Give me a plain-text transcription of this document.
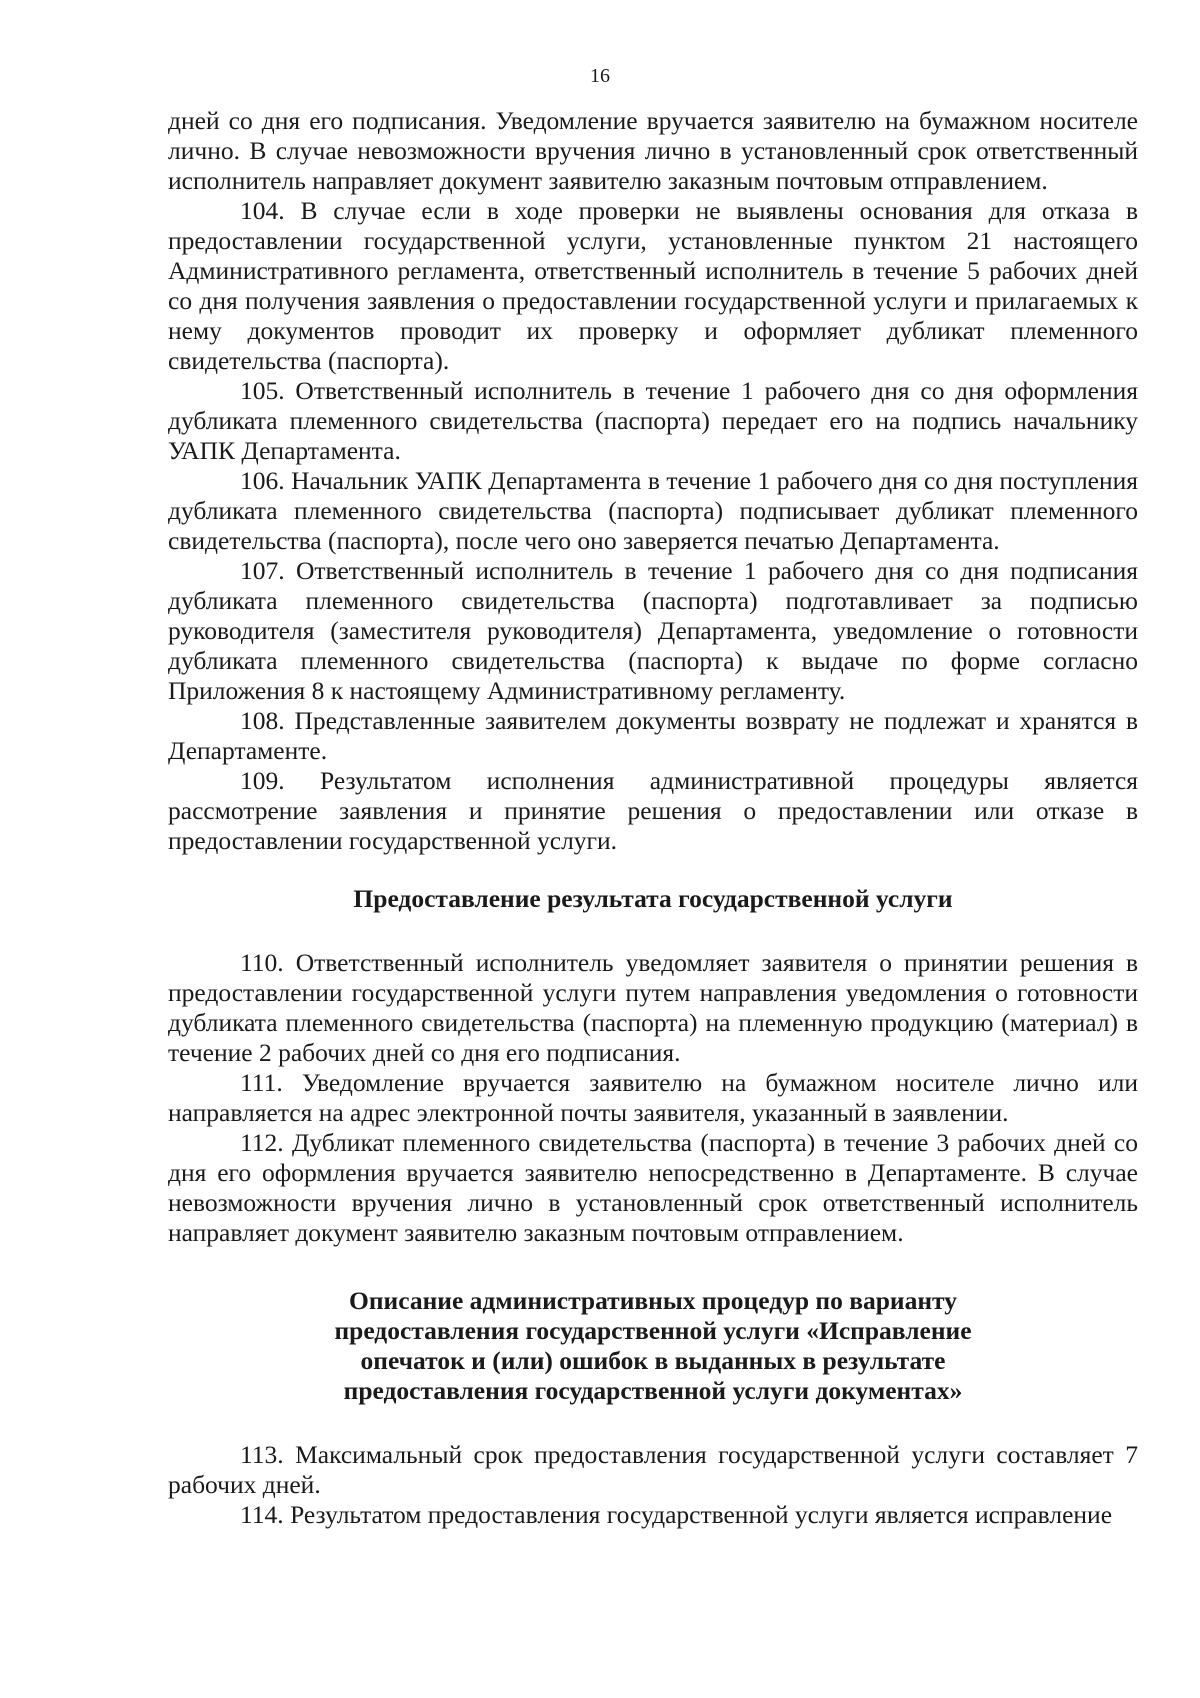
16

дней со дня его подписания. Уведомление вручается заявителю на бумажном носителе лично. В случае невозможности вручения лично в установленный срок ответственный исполнитель направляет документ заявителю заказным почтовым отправлением.

104. В случае если в ходе проверки не выявлены основания для отказа в предоставлении государственной услуги, установленные пунктом 21 настоящего Административного регламента, ответственный исполнитель в течение 5 рабочих дней со дня получения заявления о предоставлении государственной услуги и прилагаемых к нему документов проводит их проверку и оформляет дубликат племенного свидетельства (паспорта).

105. Ответственный исполнитель в течение 1 рабочего дня со дня оформления дубликата племенного свидетельства (паспорта) передает его на подпись начальнику УАПК Департамента.

106. Начальник УАПК Департамента в течение 1 рабочего дня со дня поступления дубликата племенного свидетельства (паспорта) подписывает дубликат племенного свидетельства (паспорта), после чего оно заверяется печатью Департамента.

107. Ответственный исполнитель в течение 1 рабочего дня со дня подписания дубликата племенного свидетельства (паспорта) подготавливает за подписью руководителя (заместителя руководителя) Департамента, уведомление о готовности дубликата племенного свидетельства (паспорта) к выдаче по форме согласно Приложения 8 к настоящему Административному регламенту.

108. Представленные заявителем документы возврату не подлежат и хранятся в Департаменте.

109. Результатом исполнения административной процедуры является рассмотрение заявления и принятие решения о предоставлении или отказе в предоставлении государственной услуги.

Предоставление результата государственной услуги

110. Ответственный исполнитель уведомляет заявителя о принятии решения в предоставлении государственной услуги путем направления уведомления о готовности дубликата племенного свидетельства (паспорта) на племенную продукцию (материал) в течение 2 рабочих дней со дня его подписания.

111. Уведомление вручается заявителю на бумажном носителе лично или направляется на адрес электронной почты заявителя, указанный в заявлении.

112. Дубликат племенного свидетельства (паспорта) в течение 3 рабочих дней со дня его оформления вручается заявителю непосредственно в Департаменте. В случае невозможности вручения лично в установленный срок ответственный исполнитель направляет документ заявителю заказным почтовым отправлением.

Описание административных процедур по варианту предоставления государственной услуги «Исправление опечаток и (или) ошибок в выданных в результате предоставления государственной услуги документах»

113. Максимальный срок предоставления государственной услуги составляет 7 рабочих дней.

114. Результатом предоставления государственной услуги является исправление
